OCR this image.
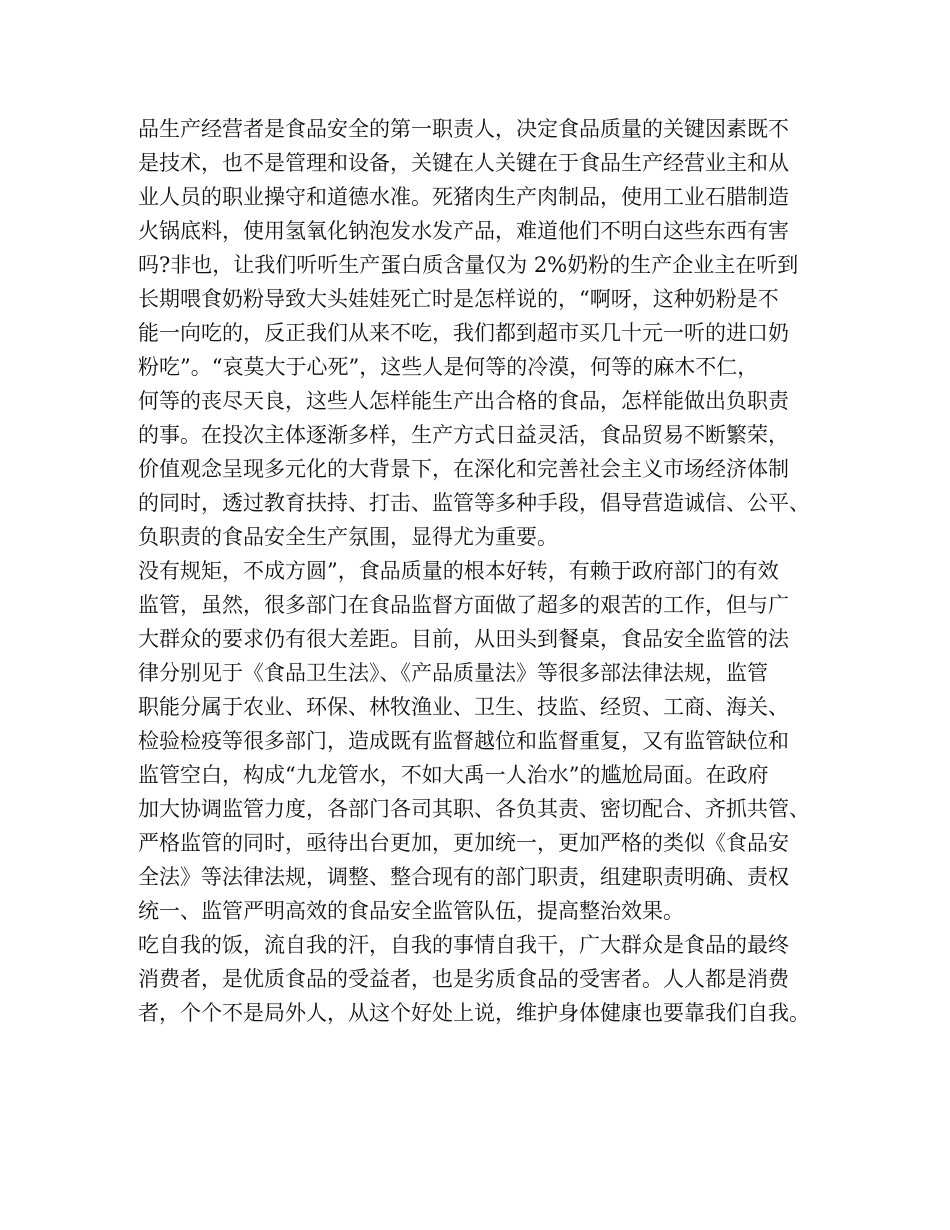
品生产经营者是食品安全的第一职责人，决定食品质量的关键因素既不
是技术，也不是管理和设备，关键在人关键在于食品生产经营业主和从
业人员的职业操守和道德水准。死猪肉生产肉制品，使用工业石腊制造
火锅底料，使用氢氧化钠泡发水发产品，难道他们不明白这些东西有害
吗?非也，让我们听听生产蛋白质含量仅为 2%奶粉的生产企业主在听到
长期喂食奶粉导致大头娃娃死亡时是怎样说的，“啊呀，这种奶粉是不
能一向吃的，反正我们从来不吃，我们都到超市买几十元一听的进口奶
粉吃”。“哀莫大于心死”，这些人是何等的冷漠，何等的麻木不仁，
何等的丧尽天良，这些人怎样能生产出合格的食品，怎样能做出负职责
的事。在投次主体逐渐多样，生产方式日益灵活，食品贸易不断繁荣，
价值观念呈现多元化的大背景下，在深化和完善社会主义市场经济体制
的同时，透过教育扶持、打击、监管等多种手段，倡导营造诚信、公平、
负职责的食品安全生产氛围，显得尤为重要。
没有规矩，不成方圆”，食品质量的根本好转，有赖于政府部门的有效
监管，虽然，很多部门在食品监督方面做了超多的艰苦的工作，但与广
大群众的要求仍有很大差距。目前，从田头到餐桌，食品安全监管的法
律分别见于《食品卫生法》、《产品质量法》等很多部法律法规，监管
职能分属于农业、环保、林牧渔业、卫生、技监、经贸、工商、海关、
检验检疫等很多部门，造成既有监督越位和监督重复，又有监管缺位和
监管空白，构成“九龙管水，不如大禹一人治水”的尴尬局面。在政府
加大协调监管力度，各部门各司其职、各负其责、密切配合、齐抓共管、
严格监管的同时，亟待出台更加，更加统一，更加严格的类似《食品安
全法》等法律法规，调整、整合现有的部门职责，组建职责明确、责权
统一、监管严明高效的食品安全监管队伍，提高整治效果。
吃自我的饭，流自我的汗，自我的事情自我干，广大群众是食品的最终
消费者，是优质食品的受益者，也是劣质食品的受害者。人人都是消费
者，个个不是局外人，从这个好处上说，维护身体健康也要靠我们自我。
